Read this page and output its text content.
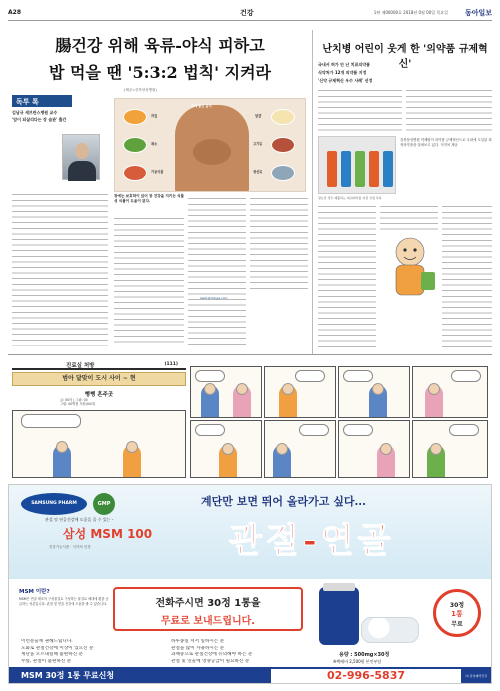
A28	건강	1판 제00000호 2018년 0월 00일 목요일 동아일보
腸건강 위해 육류-야식 피하고
밥 먹을 땐 '5:3:2 법칙' 지켜라
(제공=강북삼성병원)
독투 톡
김남규 세브란스병원 교수
'암이 되살리다는 장 습관' 출간

과일
채소
가공식품
달걀
고기류
생선류
장에 좋은 음식
장에는 보호막이 있어 장 건강을 지키는 식물성 식품이 도움이 된다.
leedr@donga.com
난치병 어린이 웃게 한 '의약품 규제혁신'
국내서 허가 안 난 치료의약품
식약처가 12개 의약품 지정
'신약 규제혁신 우수 사례' 선정
강북삼성병원 약제팀이 의약품 규제혁신으로 국내에 도입된 희귀의약품을 살펴보고 있다. 식약처 제공
필요한 경우 제출하는 희귀의약품 지정 신청 목록
진료실 처방	(111)
범아 달맞이 도시 사이 ~ 현
뻥뻥 혼주곳
글: 00의 | 그림: 00
그림: 00병원 의원(00과)
SAMSUNG PHARM	GMP	계단만 보면 뛰어 올라가고 싶다...
관절 및 연골건강에 도움을 줄 수 있는 -
삼성 MSM 100
건강기능식품 · 식약처 인정	관절-연골
MSM 이란?
MSM은 연골 세포의 구성물질로 구성하는 물질로 체내에 황을 공급하는 성분입니다. 관절 및 연골 건강에 도움을 줄 수 있습니다.	전화주시면 30정 1통을
무료로 보내드립니다.
30정
1통
무료
이런분들께 권해드립니다.	하루종일 서서 일하시는 분
노화로 관절건강에 이상이 있으신 분	관절을 많이 사용하시는 분
계단을 오르내릴때 불편하신 분	과체중으로 관절건강에 유의해야 하는 분
무릎, 관절이 불편하신 분	관절 및 연골에 영양공급이 필요하신 분
용량 : 500mg×30정
※택배비 2,500원 본인부담
MSM 30정 1통 무료신청	02-996-5837	㈜ 삼성제약건강
